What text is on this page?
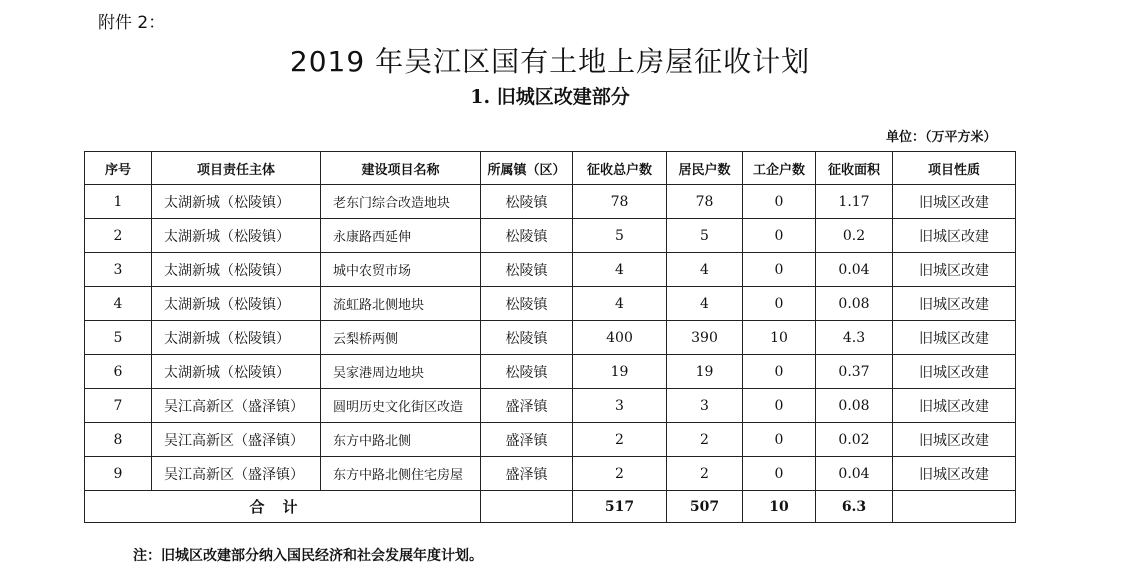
附件 2：
2019 年吴江区国有土地上房屋征收计划
1. 旧城区改建部分
单位：（万平方米）
序号	项目责任主体	建设项目名称	所属镇（区）	征收总户数	居民户数	工企户数	征收面积	项目性质
1	太湖新城（松陵镇）	老东门综合改造地块	松陵镇	78	78	0	1.17	旧城区改建
2	太湖新城（松陵镇）	永康路西延伸	松陵镇	5	5	0	0.2	旧城区改建
3	太湖新城（松陵镇）	城中农贸市场	松陵镇	4	4	0	0.04	旧城区改建
4	太湖新城（松陵镇）	流虹路北侧地块	松陵镇	4	4	0	0.08	旧城区改建
5	太湖新城（松陵镇）	云梨桥两侧	松陵镇	400	390	10	4.3	旧城区改建
6	太湖新城（松陵镇）	吴家港周边地块	松陵镇	19	19	0	0.37	旧城区改建
7	吴江高新区（盛泽镇）	圆明历史文化街区改造	盛泽镇	3	3	0	0.08	旧城区改建
8	吴江高新区（盛泽镇）	东方中路北侧	盛泽镇	2	2	0	0.02	旧城区改建
9	吴江高新区（盛泽镇）	东方中路北侧住宅房屋	盛泽镇	2	2	0	0.04	旧城区改建
合计				517	507	10	6.3	
注：旧城区改建部分纳入国民经济和社会发展年度计划。
